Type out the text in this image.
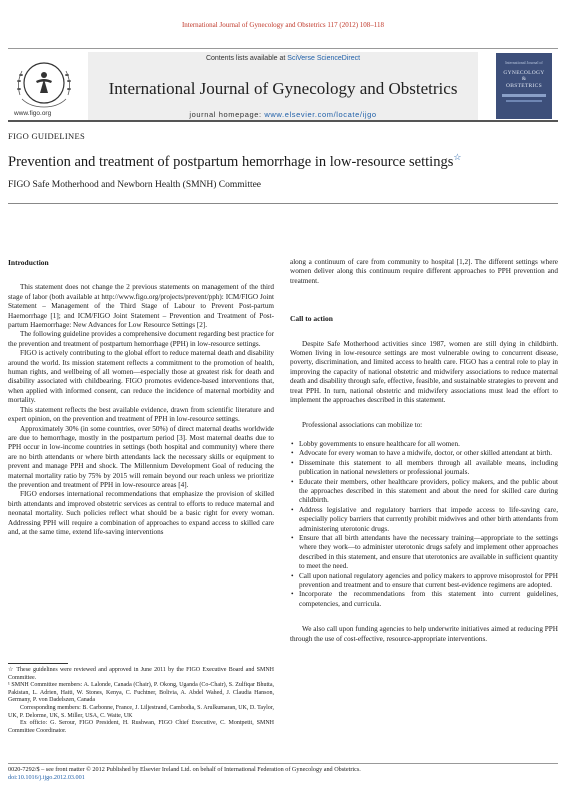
International Journal of Gynecology and Obstetrics 117 (2012) 108–118
www.figo.org
Contents lists available at SciVerse ScienceDirect
International Journal of Gynecology and Obstetrics
journal homepage: www.elsevier.com/locate/ijgo
International Journal of
GYNECOLOGY
&
OBSTETRICS
FIGO GUIDELINES
Prevention and treatment of postpartum hemorrhage in low-resource settings☆
FIGO Safe Motherhood and Newborn Health (SMNH) Committee
Introduction

This statement does not change the 2 previous statements on management of the third stage of labor (both available at http://www.figo.org/projects/prevent/pph): ICM/FIGO Joint Statement – Management of the Third Stage of Labour to Prevent Post-partum Haemorrhage [1]; and ICM/FIGO Joint Statement – Prevention and Treatment of Post-partum Haemorrhage: New Advances for Low Resource Settings [2].

The following guideline provides a comprehensive document regarding best practice for the prevention and treatment of postpartum hemorrhage (PPH) in low-resource settings.

FIGO is actively contributing to the global effort to reduce maternal death and disability around the world. Its mission statement reflects a commitment to the promotion of health, human rights, and wellbeing of all women—especially those at greatest risk for death and disability associated with childbearing. FIGO promotes evidence-based interventions that, when applied with informed consent, can reduce the incidence of maternal morbidity and mortality.

This statement reflects the best available evidence, drawn from scientific literature and expert opinion, on the prevention and treatment of PPH in low-resource settings.

Approximately 30% (in some countries, over 50%) of direct maternal deaths worldwide are due to hemorrhage, mostly in the postpartum period [3]. Most maternal deaths due to PPH occur in low-income countries in settings (both hospital and community) where there are no birth attendants or where birth attendants lack the necessary skills or equipment to prevent and manage PPH and shock. The Millennium Development Goal of reducing the maternal mortality ratio by 75% by 2015 will remain beyond our reach unless we prioritize the prevention and treatment of PPH in low-resource areas [4].

FIGO endorses international recommendations that emphasize the provision of skilled birth attendants and improved obstetric services as central to efforts to reduce maternal and neonatal mortality. Such policies reflect what should be a basic right for every woman. Addressing PPH will require a combination of approaches to expand access to skilled care and, at the same time, extend life-saving interventions

☆ These guidelines were reviewed and approved in June 2011 by the FIGO Executive Board and SMNH Committee.

¹ SMNH Committee members: A. Lalonde, Canada (Chair), P. Okong, Uganda (Co-Chair), S. Zulfiqar Bhutta, Pakistan, L. Adrien, Haiti, W. Stones, Kenya, C. Fuchtner, Bolivia, A. Abdel Wahed, J. Claudia Hanson, Germany, P. von Dadelszen, Canada

Corresponding members: B. Carbonne, France, J. Liljestrand, Cambodia, S. Arulkumaran, UK, D. Taylor, UK, P. Delorme, UK, S. Miller, USA, C. Waite, UK

Ex officio: G. Serour, FIGO President, H. Rushwan, FIGO Chief Executive, C. Montpetit, SMNH Committee Coordinator.

along a continuum of care from community to hospital [1,2]. The different settings where women deliver along this continuum require different approaches to PPH prevention and treatment.

Call to action

Despite Safe Motherhood activities since 1987, women are still dying in childbirth. Women living in low-resource settings are most vulnerable owing to concurrent disease, poverty, discrimination, and limited access to health care. FIGO has a central role to play in improving the capacity of national obstetric and midwifery associations to reduce maternal death and disability through safe, effective, feasible, and sustainable strategies to prevent and treat PPH. In turn, national obstetric and midwifery associations must lead the effort to implement the approaches described in this statement.

Professional associations can mobilize to:

• Lobby governments to ensure healthcare for all women.
• Advocate for every woman to have a midwife, doctor, or other skilled attendant at birth.
• Disseminate this statement to all members through all available means, including publication in national newsletters or professional journals.
• Educate their members, other healthcare providers, policy makers, and the public about the approaches described in this statement and about the need for skilled care during childbirth.
• Address legislative and regulatory barriers that impede access to life-saving care, especially policy barriers that currently prohibit midwives and other birth attendants from administering uterotonic drugs.
• Ensure that all birth attendants have the necessary training—appropriate to the settings where they work—to administer uterotonic drugs safely and implement other approaches described in this statement, and ensure that uterotonics are available in sufficient quantity to meet the need.
• Call upon national regulatory agencies and policy makers to approve misoprostol for PPH prevention and treatment and to ensure that current best-evidence regimens are adopted.
• Incorporate the recommendations from this statement into current guidelines, competencies, and curricula.

We also call upon funding agencies to help underwrite initiatives aimed at reducing PPH through the use of cost-effective, resource-appropriate interventions.

0020-7292/$ – see front matter © 2012 Published by Elsevier Ireland Ltd. on behalf of International Federation of Gynecology and Obstetrics.
doi:10.1016/j.ijgo.2012.03.001
